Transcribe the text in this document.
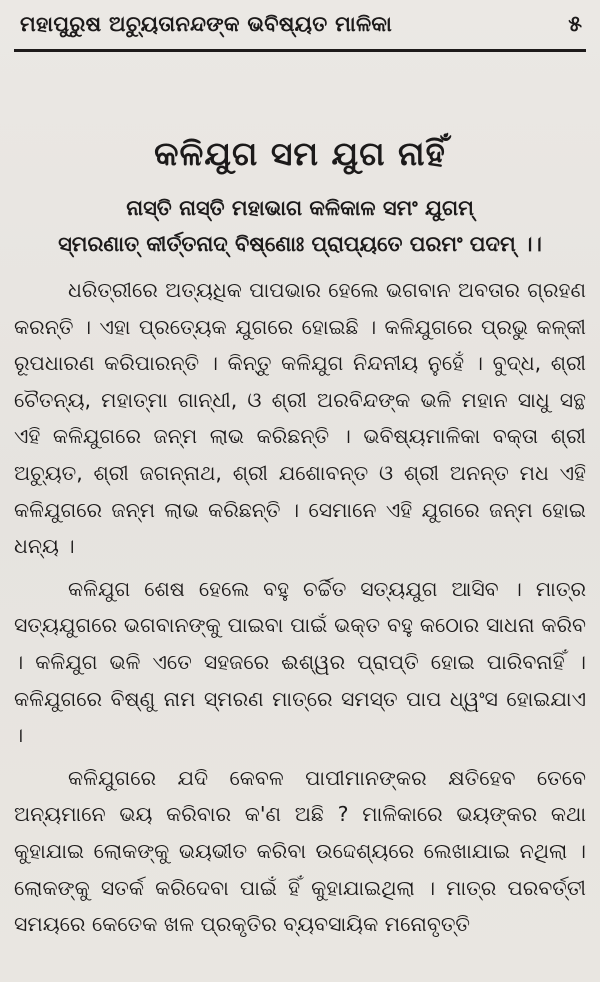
ମହାପୁରୁଷ ଅଚ୍ୟୁତାନନ୍ଦଙ୍କ ଭବିଷ୍ୟତ ମାଳିକା	୫
କଳିଯୁଗ ସମ ଯୁଗ ନାହିଁ
ନାସ୍ତି ନାସ୍ତି ମହାଭାଗ କଳିକାଳ ସମଂ ଯୁଗମ୍
ସ୍ମରଣାତ୍ କୀର୍ତ୍ତନାଦ୍ ବିଷ୍ଣୋଃ ପ୍ରାପ୍ୟତେ ପରମଂ ପଦମ୍ ।।

ଧରିତ୍ରୀରେ ଅତ୍ୟଧିକ ପାପଭାର ହେଲେ ଭଗବାନ ଅବତାର ଗ୍ରହଣ କରନ୍ତି । ଏହା ପ୍ରତ୍ୟେକ ଯୁଗରେ ହୋଇଛି । କଳିଯୁଗରେ ପ୍ରଭୁ କଳ୍କୀ ରୂପଧାରଣ କରିପାରନ୍ତି । କିନ୍ତୁ କଳିଯୁଗ ନିନ୍ଦନୀୟ ନୁହେଁ । ବୁଦ୍ଧ, ଶ୍ରୀ ଚୈତନ୍ୟ, ମହାତ୍ମା ଗାନ୍ଧୀ, ଓ ଶ୍ରୀ ଅରବିନ୍ଦଙ୍କ ଭଳି ମହାନ ସାଧୁ ସନ୍ଥ ଏହି କଳିଯୁଗରେ ଜନ୍ମ ଲାଭ କରିଛନ୍ତି । ଭବିଷ୍ୟମାଳିକା ବକ୍ତା ଶ୍ରୀ ଅଚ୍ୟୁତ, ଶ୍ରୀ ଜଗନ୍ନାଥ, ଶ୍ରୀ ଯଶୋବନ୍ତ ଓ ଶ୍ରୀ ଅନନ୍ତ ମଧ ଏହି କଳିଯୁଗରେ ଜନ୍ମ ଲାଭ କରିଛନ୍ତି । ସେମାନେ ଏହି ଯୁଗରେ ଜନ୍ମ ହୋଇ ଧନ୍ୟ ।

କଳିଯୁଗ ଶେଷ ହେଲେ ବହୁ ଚର୍ଚ୍ଚିତ ସତ୍ୟଯୁଗ ଆସିବ । ମାତ୍ର ସତ୍ୟଯୁଗରେ ଭଗବାନଙ୍କୁ ପାଇବା ପାଇଁ ଭକ୍ତ ବହୁ କଠୋର ସାଧନା କରିବ । କଳିଯୁଗ ଭଳି ଏତେ ସହଜରେ ଈଶ୍ୱର ପ୍ରାପ୍ତି ହୋଇ ପାରିବନାହିଁ । କଳିଯୁଗରେ ବିଷ୍ଣୁ ନାମ ସ୍ମରଣ ମାତ୍ରେ ସମସ୍ତ ପାପ ଧ୍ୱଂସ ହୋଇଯାଏ ।

କଳିଯୁଗରେ ଯଦି କେବଳ ପାପୀମାନଙ୍କର କ୍ଷତିହେବ ତେବେ ଅନ୍ୟମାନେ ଭୟ କରିବାର କ'ଣ ଅଛି ? ମାଳିକାରେ ଭୟଙ୍କର କଥା କୁହାଯାଇ ଲୋକଙ୍କୁ ଭୟଭୀତ କରିବା ଉଦ୍ଦେଶ୍ୟରେ ଲେଖାଯାଇ ନଥିଲା । ଲୋକଙ୍କୁ ସତର୍କ କରିଦେବା ପାଇଁ ହିଁ କୁହାଯାଇଥିଲା । ମାତ୍ର ପରବର୍ତ୍ତୀ ସମୟରେ କେତେକ ଖଳ ପ୍ରକୃତିର ବ୍ୟବସାୟିକ ମନୋବୃତ୍ତି
